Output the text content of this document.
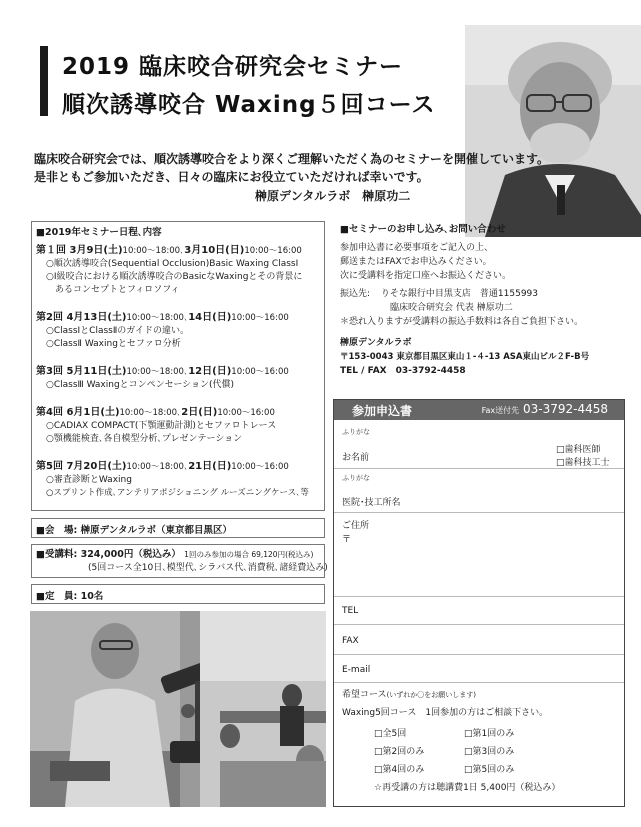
2019 臨床咬合研究会セミナー
順次誘導咬合 Waxing５回コース
臨床咬合研究会では、順次誘導咬合をより深くご理解いただく為のセミナーを開催しています。
是非ともご参加いただき、日々の臨床にお役立ていただければ幸いです。
榊原デンタルラボ　榊原功二
■2019年セミナー日程､内容
第１回 3月9日(土)10:00～18:00､3月10日(日)10:00～16:00
○順次誘導咬合(Sequential Occlusion)Basic Waxing ClassⅠ
○Ⅰ級咬合における順次誘導咬合のBasicなWaxingとその背景に
　あるコンセプトとフィロソフィ
第2回 4月13日(土)10:00～18:00､14日(日)10:00～16:00
○ClassⅠとClassⅡのガイドの違い。
○ClassⅡ Waxingとセファロ分析
第3回 5月11日(土)10:00～18:00､12日(日)10:00～16:00
○ClassⅢ Waxingとコンペンセーション(代償)
第4回 6月1日(土)10:00～18:00､2日(日)10:00～16:00
○CADIAX COMPACT(下顎運動計測)とセファロトレース
○顎機能検査､各自模型分析､プレゼンテーション
第5回 7月20日(土)10:00～18:00､21日(日)10:00～16:00
○審査診断とWaxing
○スプリント作成､アンテリアポジショニング ルーズニングケース､等
■会　場: 榊原デンタルラボ（東京都目黒区）
■受講料: 324,000円（税込み） 1回のみ参加の場合 69,120円(税込み)
(5回コース全10日､模型代､シラバス代､消費税､諸経費込み)
■定　員: 10名
■セミナーのお申し込み､お問い合わせ
参加申込書に必要事項をご記入の上、
郵送またはFAXでお申込みください。
次に受講料を指定口座へお振込ください。
振込先: りそな銀行中目黒支店　普通1155993
臨床咬合研究会 代表 榊原功二
＊恐れ入りますが受講料の振込手数料は各自ご負担下さい。
榊原デンタルラボ
〒153-0043 東京都目黒区東山１-４-13 ASA東山ビル２F-B号
TEL / FAX　03-3792-4458
参加申込書	Fax送付先 03-3792-4458
ふりがな
お名前
□歯科医師
□歯科技工士
ふりがな
医院･技工所名
ご住所
〒
TEL
FAX
E-mail
希望コース(いずれか〇をお願いします)
Waxing5回コース　1回参加の方はご相談下さい。
□全5回	□第1回のみ
□第2回のみ	□第3回のみ
□第4回のみ	□第5回のみ
☆再受講の方は聴講費1日 5,400円（税込み）
